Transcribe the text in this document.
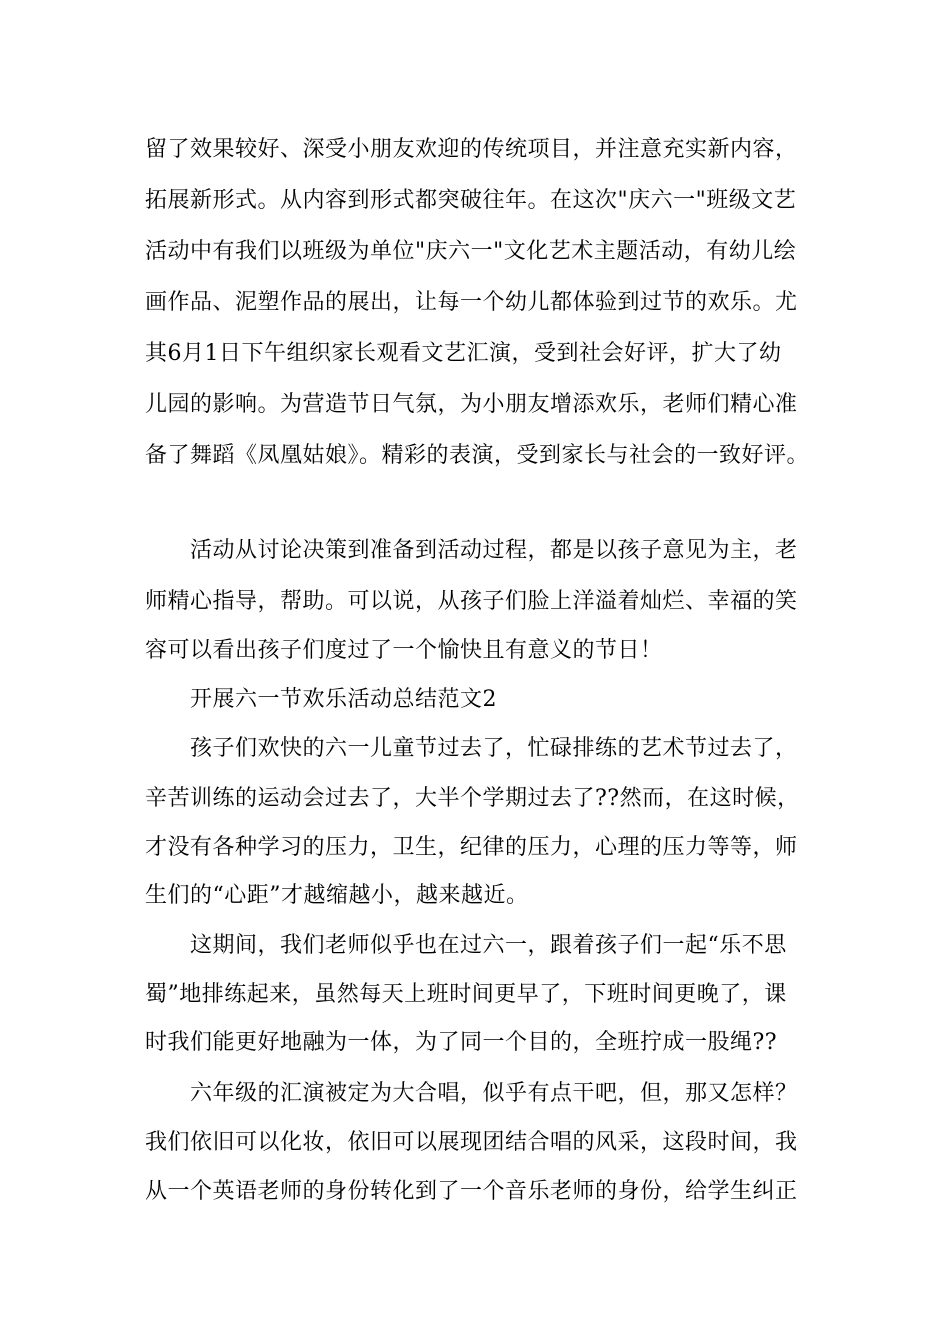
留了效果较好、深受小朋友欢迎的传统项目，并注意充实新内容，
拓展新形式。从内容到形式都突破往年。在这次"庆六一"班级文艺
活动中有我们以班级为单位"庆六一"文化艺术主题活动，有幼儿绘
画作品、泥塑作品的展出，让每一个幼儿都体验到过节的欢乐。尤
其6月1日下午组织家长观看文艺汇演，受到社会好评，扩大了幼
儿园的影响。为营造节日气氛，为小朋友增添欢乐，老师们精心准
备了舞蹈《凤凰姑娘》。精彩的表演，受到家长与社会的一致好评。
活动从讨论决策到准备到活动过程，都是以孩子意见为主，老
师精心指导，帮助。可以说，从孩子们脸上洋溢着灿烂、幸福的笑
容可以看出孩子们度过了一个愉快且有意义的节日！
开展六一节欢乐活动总结范文2
孩子们欢快的六一儿童节过去了，忙碌排练的艺术节过去了，
辛苦训练的运动会过去了，大半个学期过去了??然而，在这时候，
才没有各种学习的压力，卫生，纪律的压力，心理的压力等等，师
生们的“心距”才越缩越小，越来越近。
这期间，我们老师似乎也在过六一，跟着孩子们一起“乐不思
蜀”地排练起来，虽然每天上班时间更早了，下班时间更晚了，课
时我们能更好地融为一体，为了同一个目的，全班拧成一股绳??
六年级的汇演被定为大合唱，似乎有点干吧，但，那又怎样？
我们依旧可以化妆，依旧可以展现团结合唱的风采，这段时间，我
从一个英语老师的身份转化到了一个音乐老师的身份，给学生纠正
